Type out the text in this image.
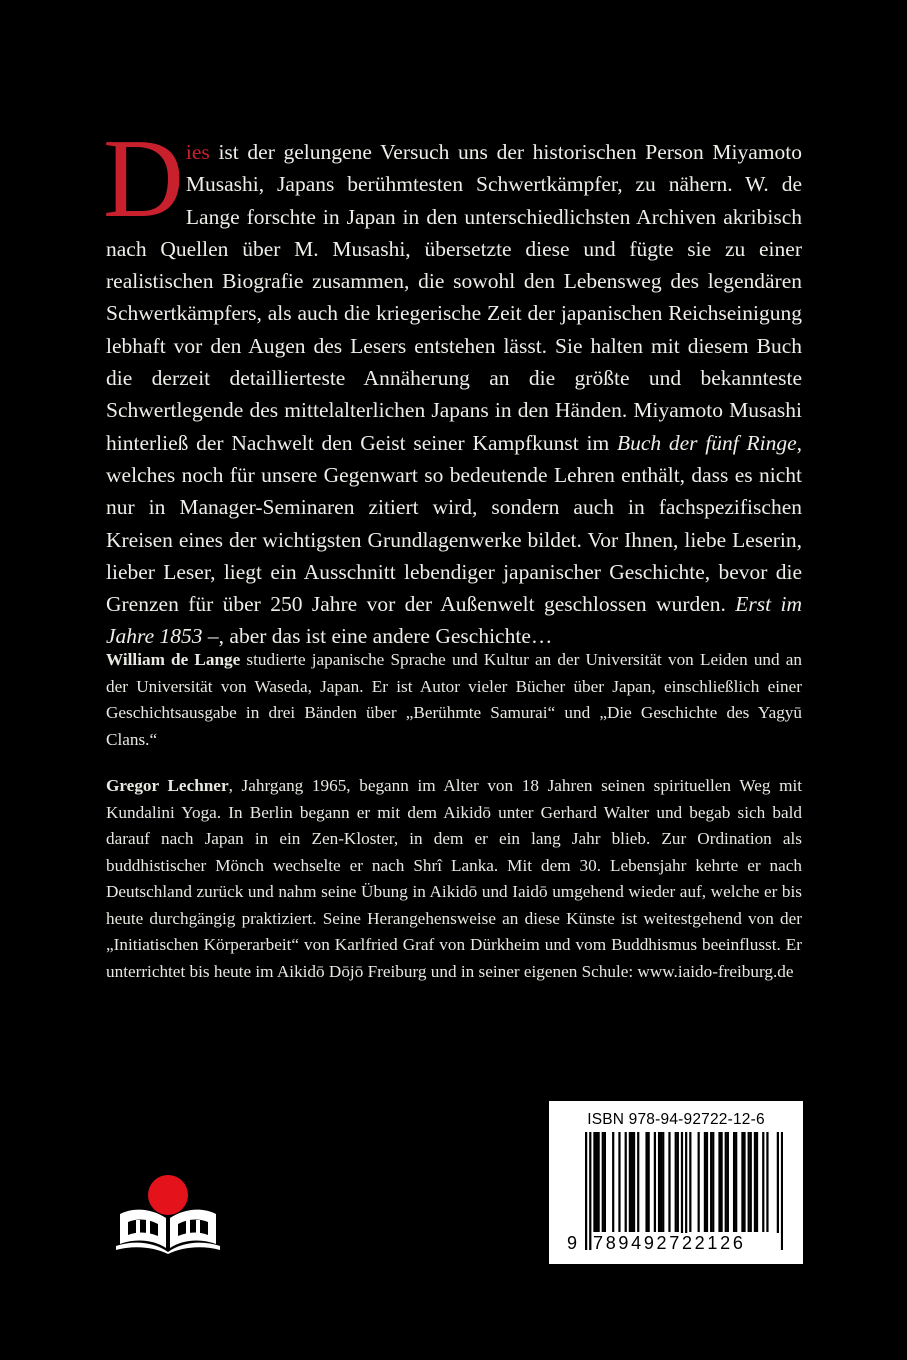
Dies ist der gelungene Versuch uns der historischen Person Miyamoto Musashi, Japans berühmtesten Schwertkämpfer, zu nähern. W. de Lange forschte in Japan in den unterschiedlichsten Archiven akribisch nach Quellen über M. Musashi, übersetzte diese und fügte sie zu einer realistischen Biografie zusammen, die sowohl den Lebensweg des legendären Schwertkämpfers, als auch die kriegerische Zeit der japanischen Reichseinigung lebhaft vor den Augen des Lesers entstehen lässt. Sie halten mit diesem Buch die derzeit detaillierteste Annäherung an die größte und bekannteste Schwertlegende des mittelalterlichen Japans in den Händen. Miyamoto Musashi hinterließ der Nachwelt den Geist seiner Kampfkunst im Buch der fünf Ringe, welches noch für unsere Gegenwart so bedeutende Lehren enthält, dass es nicht nur in Manager-Seminaren zitiert wird, sondern auch in fachspezifischen Kreisen eines der wichtigsten Grundlagenwerke bildet. Vor Ihnen, liebe Leserin, lieber Leser, liegt ein Ausschnitt lebendiger japanischer Geschichte, bevor die Grenzen für über 250 Jahre vor der Außenwelt geschlossen wurden. Erst im Jahre 1853 –, aber das ist eine andere Geschichte…

William de Lange studierte japanische Sprache und Kultur an der Universität von Leiden und an der Universität von Waseda, Japan. Er ist Autor vieler Bücher über Japan, einschließlich einer Geschichtsausgabe in drei Bänden über „Berühmte Samurai“ und „Die Geschichte des Yagyū Clans.“

Gregor Lechner, Jahrgang 1965, begann im Alter von 18 Jahren seinen spirituellen Weg mit Kundalini Yoga. In Berlin begann er mit dem Aikidō unter Gerhard Walter und begab sich bald darauf nach Japan in ein Zen-Kloster, in dem er ein lang Jahr blieb. Zur Ordination als buddhistischer Mönch wechselte er nach Shrî Lanka. Mit dem 30. Lebensjahr kehrte er nach Deutschland zurück und nahm seine Übung in Aikidō und Iaidō umgehend wieder auf, welche er bis heute durchgängig praktiziert. Seine Herangehensweise an diese Künste ist weitestgehend von der „Initiatischen Körperarbeit“ von Karlfried Graf von Dürkheim und vom Buddhismus beeinflusst. Er unterrichtet bis heute im Aikidō Dōjō Freiburg und in seiner eigenen Schule: www.iaido-freiburg.de

ISBN 978-94-92722-12-6
9 789492722126
